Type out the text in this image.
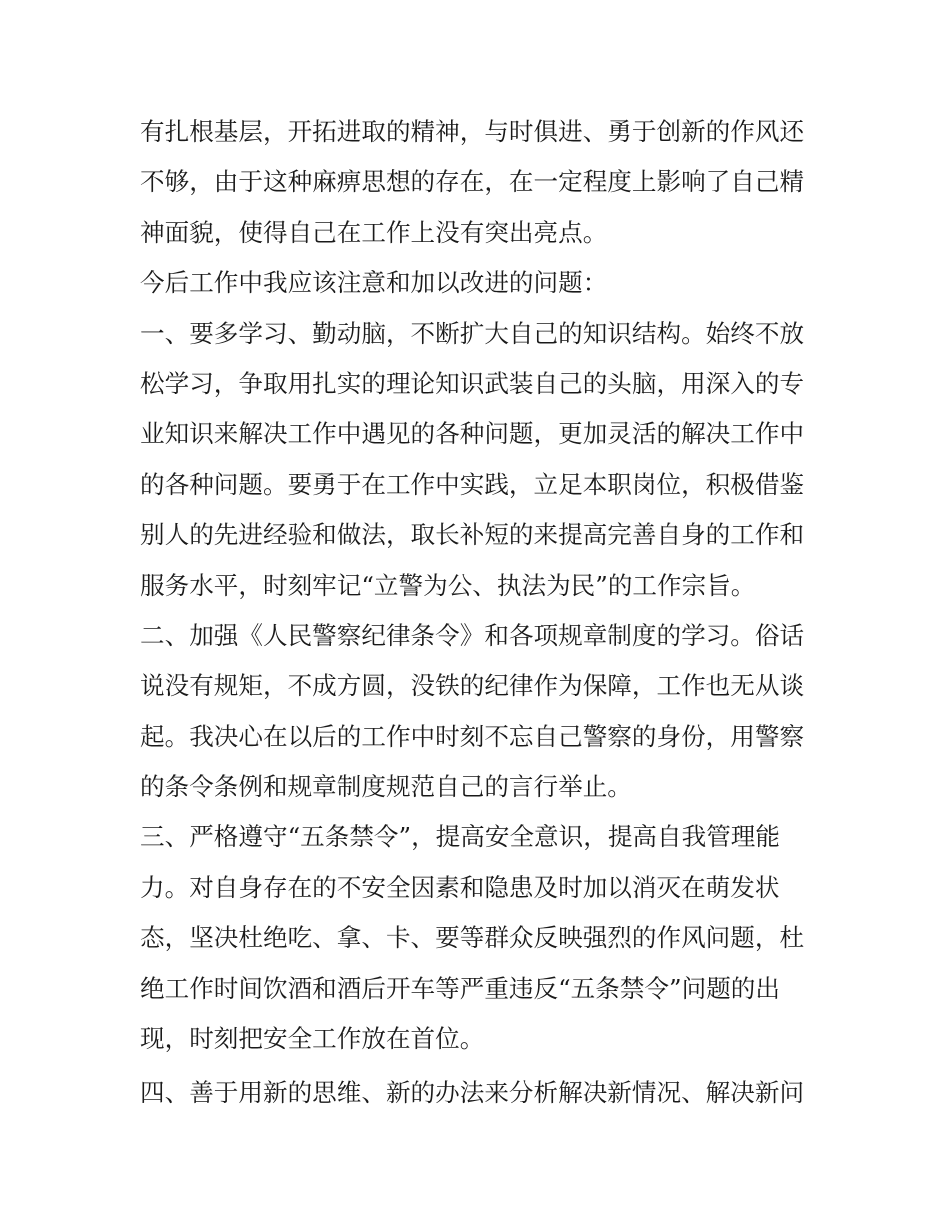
有扎根基层，开拓进取的精神，与时俱进、勇于创新的作风还
不够，由于这种麻痹思想的存在，在一定程度上影响了自己精
神面貌，使得自己在工作上没有突出亮点。
今后工作中我应该注意和加以改进的问题：
一、要多学习、勤动脑，不断扩大自己的知识结构。始终不放
松学习，争取用扎实的理论知识武装自己的头脑，用深入的专
业知识来解决工作中遇见的各种问题，更加灵活的解决工作中
的各种问题。要勇于在工作中实践，立足本职岗位，积极借鉴
别人的先进经验和做法，取长补短的来提高完善自身的工作和
服务水平，时刻牢记“立警为公、执法为民”的工作宗旨。
二、加强《人民警察纪律条令》和各项规章制度的学习。俗话
说没有规矩，不成方圆，没铁的纪律作为保障，工作也无从谈
起。我决心在以后的工作中时刻不忘自己警察的身份，用警察
的条令条例和规章制度规范自己的言行举止。
三、严格遵守“五条禁令”，提高安全意识，提高自我管理能
力。对自身存在的不安全因素和隐患及时加以消灭在萌发状
态，坚决杜绝吃、拿、卡、要等群众反映强烈的作风问题，杜
绝工作时间饮酒和酒后开车等严重违反“五条禁令”问题的出
现，时刻把安全工作放在首位。
四、善于用新的思维、新的办法来分析解决新情况、解决新问
